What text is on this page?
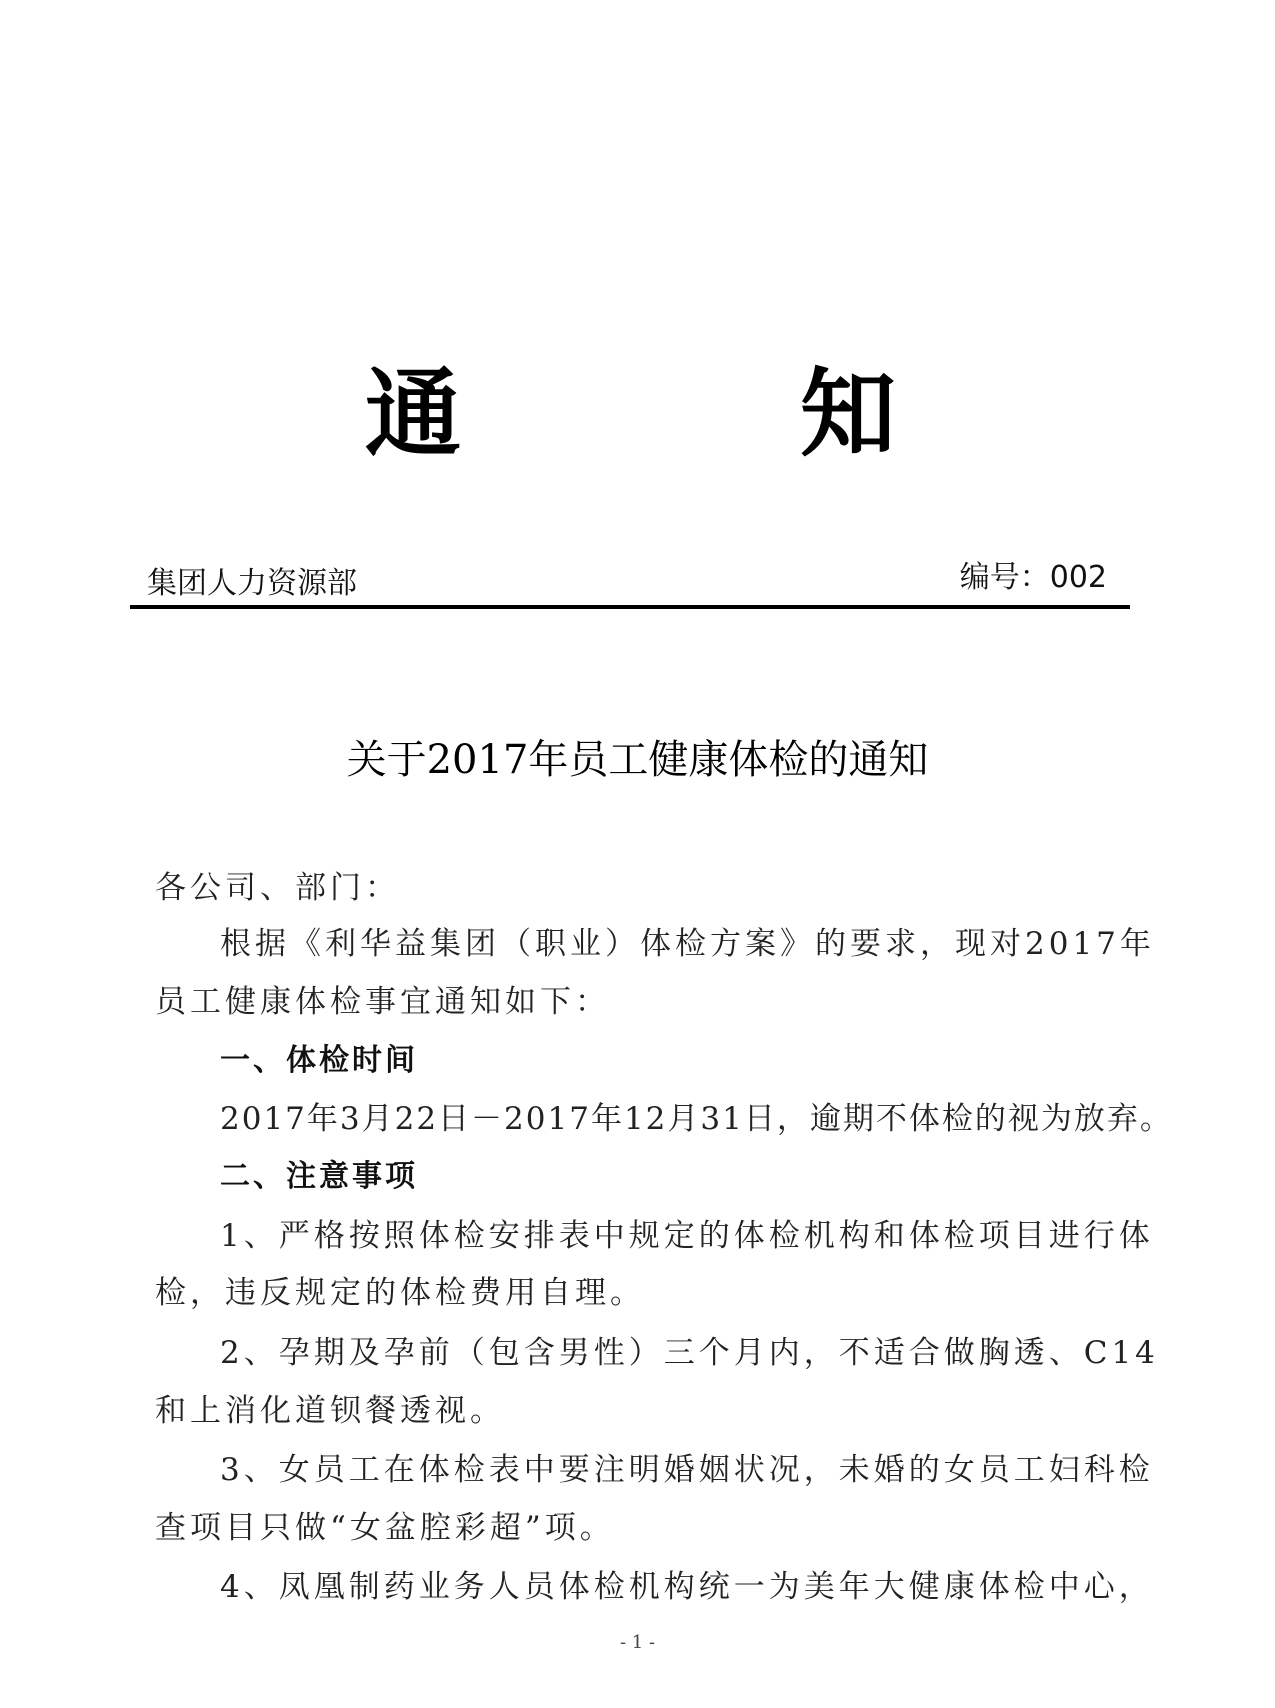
通	知
集团人力资源部	编号：002
关于2017年员工健康体检的通知
各公司、部门：
根据《利华益集团（职业）体检方案》的要求，现对2017年
员工健康体检事宜通知如下：
一、体检时间
2017年3月22日－2017年12月31日，逾期不体检的视为放弃。
二、注意事项
1、严格按照体检安排表中规定的体检机构和体检项目进行体
检，违反规定的体检费用自理。
2、孕期及孕前（包含男性）三个月内，不适合做胸透、C14
和上消化道钡餐透视。
3、女员工在体检表中要注明婚姻状况，未婚的女员工妇科检
查项目只做“女盆腔彩超”项。
4、凤凰制药业务人员体检机构统一为美年大健康体检中心，
- 1 -
